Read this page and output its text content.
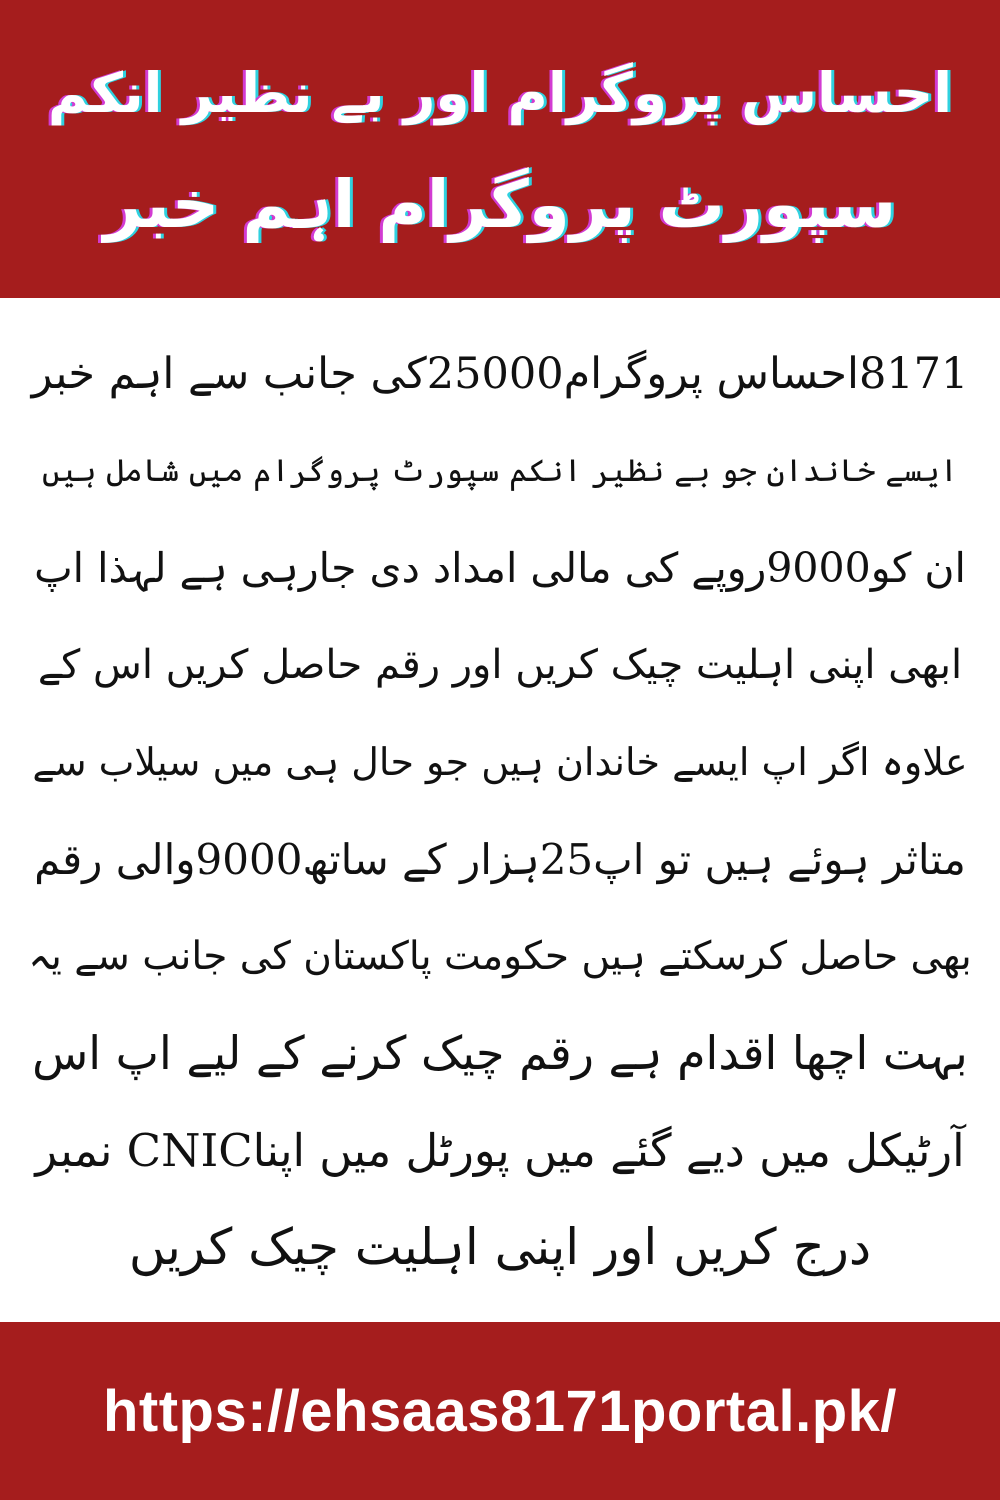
احساس پروگرام اور بے نظیر انکم
سپورٹ پروگرام اہم خبر
8171احساس پروگرام25000کی جانب سے اہم خبر
ایسے خاندان جو بے نظیر انکم سپورٹ پروگرام میں شامل ہیں
ان کو9000روپے کی مالی امداد دی جارہی ہے لہذا اپ
ابھی اپنی اہلیت چیک کریں اور رقم حاصل کریں اس کے
علاوہ اگر اپ ایسے خاندان ہیں جو حال ہی میں سیلاب سے
متاثر ہوئے ہیں تو اپ25ہزار کے ساتھ9000والی رقم
بھی حاصل کرسکتے ہیں حکومت پاکستان کی جانب سے یہ
بہت اچھا اقدام ہے رقم چیک کرنے کے لیے اپ اس
آرٹیکل میں دیے گئے میں پورٹل میں اپناCNIC نمبر
درج کریں اور اپنی اہلیت چیک کریں
https://ehsaas8171portal.pk/
